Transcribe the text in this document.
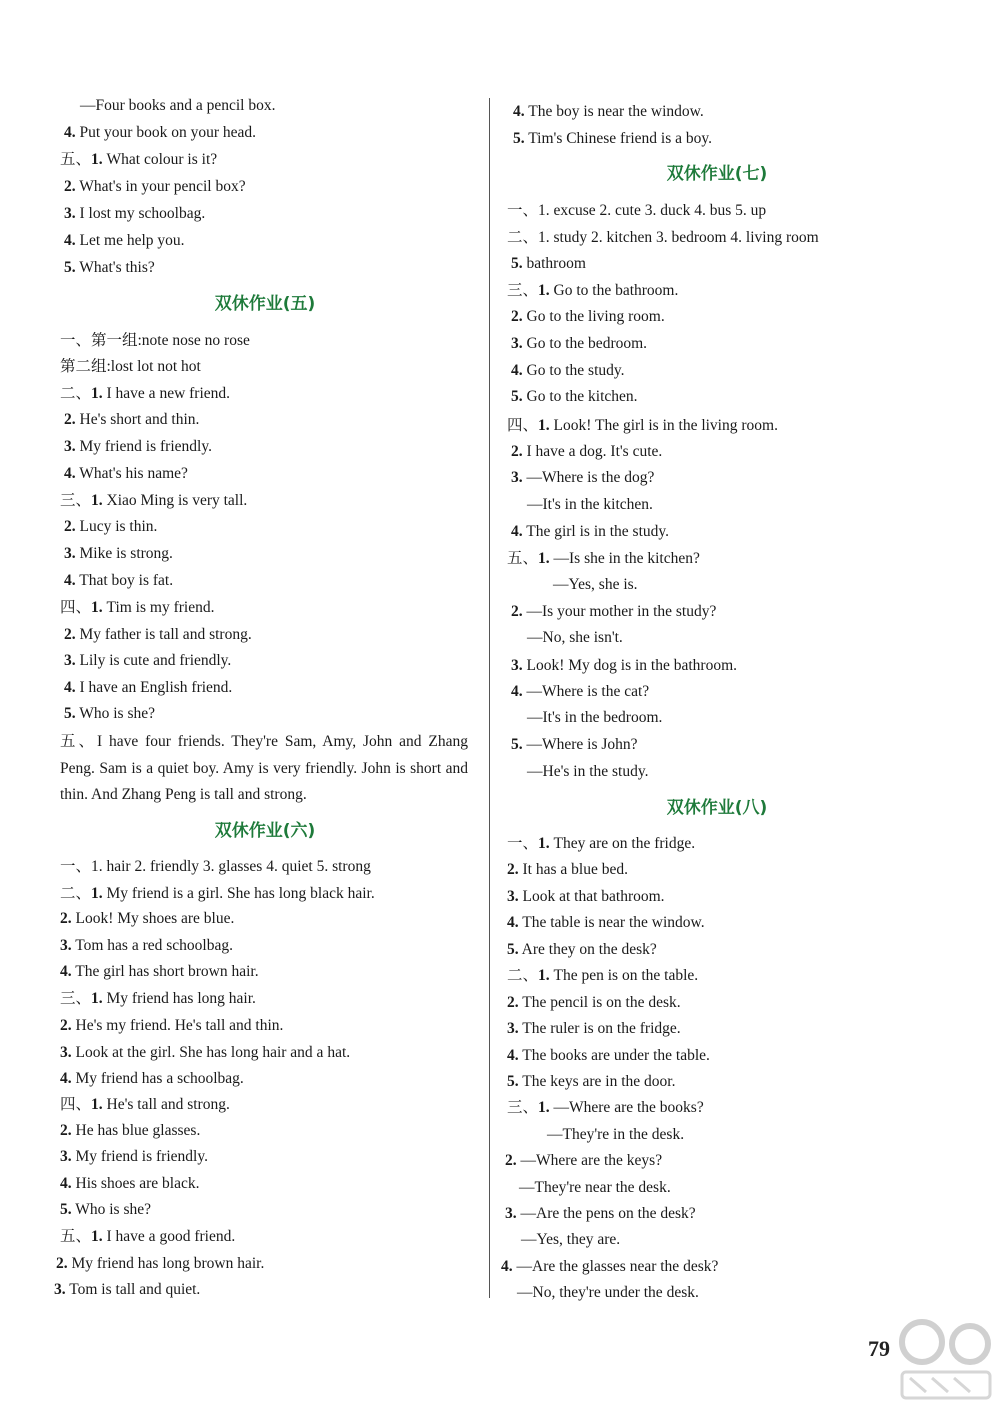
—Four books and a pencil box.
4. Put your book on your head.
五、1. What colour is it?
2. What's in your pencil box?
3. I lost my schoolbag.
4. Let me help you.
5. What's this?
双休作业(五)
一、第一组:note nose no rose
第二组:lost lot not hot
二、1. I have a new friend.
2. He's short and thin.
3. My friend is friendly.
4. What's his name?
三、1. Xiao Ming is very tall.
2. Lucy is thin.
3. Mike is strong.
4. That boy is fat.
四、1. Tim is my friend.
2. My father is tall and strong.
3. Lily is cute and friendly.
4. I have an English friend.
5. Who is she?
五、I have four friends. They're Sam, Amy, John and Zhang Peng. Sam is a quiet boy. Amy is very friendly. John is short and thin. And Zhang Peng is tall and strong.
双休作业(六)
一、1. hair 2. friendly 3. glasses 4. quiet 5. strong
二、1. My friend is a girl. She has long black hair.
2. Look! My shoes are blue.
3. Tom has a red schoolbag.
4. The girl has short brown hair.
三、1. My friend has long hair.
2. He's my friend. He's tall and thin.
3. Look at the girl. She has long hair and a hat.
4. My friend has a schoolbag.
四、1. He's tall and strong.
2. He has blue glasses.
3. My friend is friendly.
4. His shoes are black.
5. Who is she?
五、1. I have a good friend.
2. My friend has long brown hair.
3. Tom is tall and quiet.
4. The boy is near the window.
5. Tim's Chinese friend is a boy.
双休作业(七)
一、1. excuse 2. cute 3. duck 4. bus 5. up
二、1. study 2. kitchen 3. bedroom 4. living room
5. bathroom
三、1. Go to the bathroom.
2. Go to the living room.
3. Go to the bedroom.
4. Go to the study.
5. Go to the kitchen.
四、1. Look! The girl is in the living room.
2. I have a dog. It's cute.
3. —Where is the dog?
—It's in the kitchen.
4. The girl is in the study.
五、1. —Is she in the kitchen?
—Yes, she is.
2. —Is your mother in the study?
—No, she isn't.
3. Look! My dog is in the bathroom.
4. —Where is the cat?
—It's in the bedroom.
5. —Where is John?
—He's in the study.
双休作业(八)
一、1. They are on the fridge.
2. It has a blue bed.
3. Look at that bathroom.
4. The table is near the window.
5. Are they on the desk?
二、1. The pen is on the table.
2. The pencil is on the desk.
3. The ruler is on the fridge.
4. The books are under the table.
5. The keys are in the door.
三、1. —Where are the books?
—They're in the desk.
2. —Where are the keys?
—They're near the desk.
3. —Are the pens on the desk?
—Yes, they are.
4. —Are the glasses near the desk?
—No, they're under the desk.
79
